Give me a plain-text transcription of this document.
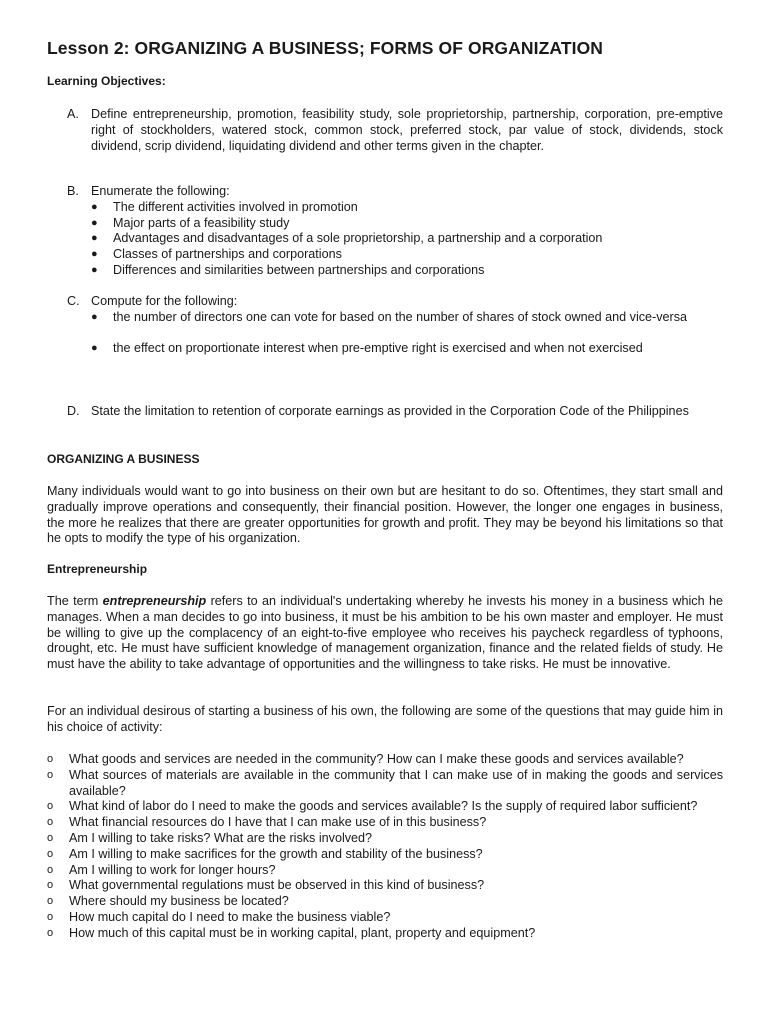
Lesson 2: ORGANIZING A BUSINESS; FORMS OF ORGANIZATION
Learning Objectives:
A. Define entrepreneurship, promotion, feasibility study, sole proprietorship, partnership, corporation, pre-emptive right of stockholders, watered stock, common stock, preferred stock, par value of stock, dividends, stock dividend, scrip dividend, liquidating dividend and other terms given in the chapter.
B. Enumerate the following:
●	The different activities involved in promotion
●	Major parts of a feasibility study
●	Advantages and disadvantages of a sole proprietorship, a partnership and a corporation
●	Classes of partnerships and corporations
●	Differences and similarities between partnerships and corporations
C. Compute for the following:
●	the number of directors one can vote for based on the number of shares of stock owned and vice-versa
●	the effect on proportionate interest when pre-emptive right is exercised and when not exercised
D. State the limitation to retention of corporate earnings as provided in the Corporation Code of the Philippines
ORGANIZING A BUSINESS
Many individuals would want to go into business on their own but are hesitant to do so. Oftentimes, they start small and gradually improve operations and consequently, their financial position. However, the longer one engages in business, the more he realizes that there are greater opportunities for growth and profit. They may be beyond his limitations so that he opts to modify the type of his organization.
Entrepreneurship
The term entrepreneurship refers to an individual's undertaking whereby he invests his money in a business which he manages. When a man decides to go into business, it must be his ambition to be his own master and employer. He must be willing to give up the complacency of an eight-to-five employee who receives his paycheck regardless of typhoons, drought, etc. He must have sufficient knowledge of management organization, finance and the related fields of study. He must have the ability to take advantage of opportunities and the willingness to take risks. He must be innovative.
For an individual desirous of starting a business of his own, the following are some of the questions that may guide him in his choice of activity:
o	What goods and services are needed in the community? How can I make these goods and services available?
o	What sources of materials are available in the community that I can make use of in making the goods and services available?
o	What kind of labor do I need to make the goods and services available? Is the supply of required labor sufficient?
o	What financial resources do I have that I can make use of in this business?
o	Am I willing to take risks? What are the risks involved?
o	Am I willing to make sacrifices for the growth and stability of the business?
o	Am I willing to work for longer hours?
o	What governmental regulations must be observed in this kind of business?
o	Where should my business be located?
o	How much capital do I need to make the business viable?
o	How much of this capital must be in working capital, plant, property and equipment?
